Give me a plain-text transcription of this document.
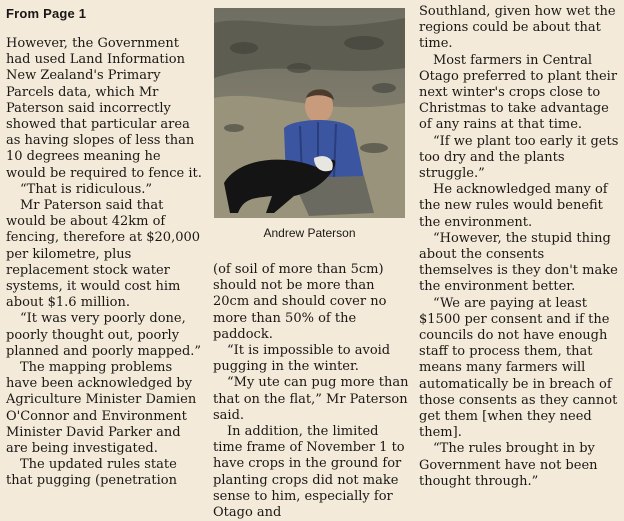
From Page 1

However, the Government had used Land Information New Zealand's Primary Parcels data, which Mr Paterson said incorrectly showed that particular area as having slopes of less than 10 degrees meaning he would be required to fence it.

“That is ridiculous.”

Mr Paterson said that would be about 42km of fencing, therefore at $20,000 per kilometre, plus replacement stock water systems, it would cost him about $1.6 million.

“It was very poorly done, poorly thought out, poorly planned and poorly mapped.”

The mapping problems have been acknowledged by Agriculture Minister Damien O'Connor and Environment Minister David Parker and are being investigated.

The updated rules state that pugging (penetration

Andrew Paterson

(of soil of more than 5cm) should not be more than 20cm and should cover no more than 50% of the paddock.

“It is impossible to avoid pugging in the winter.

“My ute can pug more than that on the flat,” Mr Paterson said.

In addition, the limited time frame of November 1 to have crops in the ground for planting crops did not make sense to him, especially for Otago and

Southland, given how wet the regions could be about that time.

Most farmers in Central Otago preferred to plant their next winter's crops close to Christmas to take advantage of any rains at that time.

“If we plant too early it gets too dry and the plants struggle.”

He acknowledged many of the new rules would benefit the environment.

“However, the stupid thing about the consents themselves is they don't make the environment better.

“We are paying at least $1500 per consent and if the councils do not have enough staff to process them, that means many farmers will automatically be in breach of those consents as they cannot get them [when they need them].

“The rules brought in by Government have not been thought through.”
